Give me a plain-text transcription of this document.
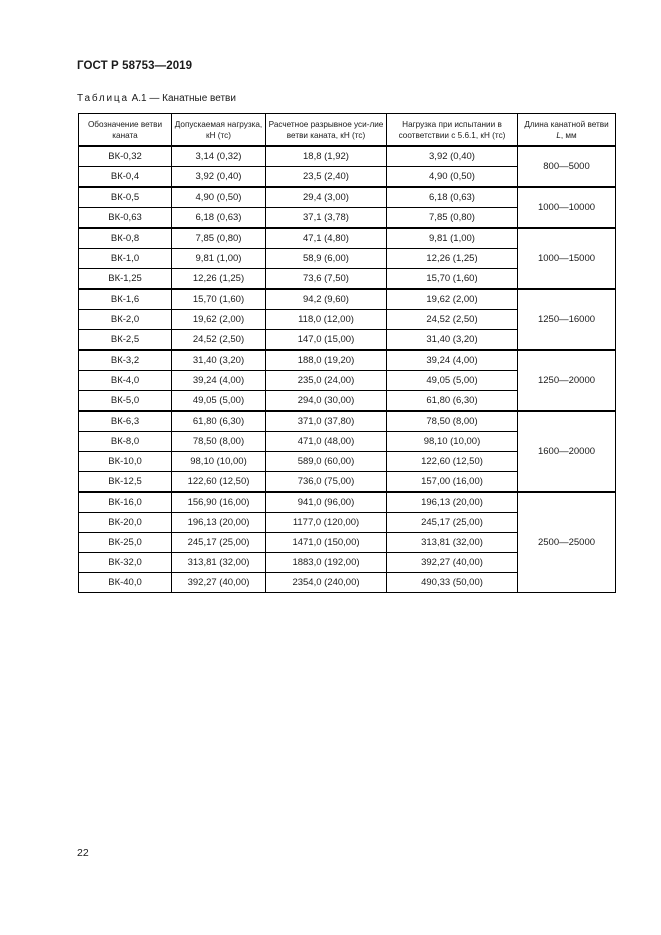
ГОСТ Р 58753—2019
Таблица А.1 — Канатные ветви
Обозначение ветви каната	Допускаемая нагрузка, кН (тс)	Расчетное разрывное уси-лие ветви каната, кН (тс)	Нагрузка при испытании в соответствии с 5.6.1, кН (тс)	Длина канатной ветви L, мм
ВК-0,32	3,14 (0,32)	18,8 (1,92)	3,92 (0,40)	800—5000
ВК-0,4	3,92 (0,40)	23,5 (2,40)	4,90 (0,50)	
ВК-0,5	4,90 (0,50)	29,4 (3,00)	6,18 (0,63)	1000—10000
ВК-0,63	6,18 (0,63)	37,1 (3,78)	7,85 (0,80)	
ВК-0,8	7,85 (0,80)	47,1 (4,80)	9,81 (1,00)	1000—15000
ВК-1,0	9,81 (1,00)	58,9 (6,00)	12,26 (1,25)	
ВК-1,25	12,26 (1,25)	73,6 (7,50)	15,70 (1,60)	
ВК-1,6	15,70 (1,60)	94,2 (9,60)	19,62 (2,00)	1250—16000
ВК-2,0	19,62 (2,00)	118,0 (12,00)	24,52 (2,50)	
ВК-2,5	24,52 (2,50)	147,0 (15,00)	31,40 (3,20)	
ВК-3,2	31,40 (3,20)	188,0 (19,20)	39,24 (4,00)	1250—20000
ВК-4,0	39,24 (4,00)	235,0 (24,00)	49,05 (5,00)	
ВК-5,0	49,05 (5,00)	294,0 (30,00)	61,80 (6,30)	
ВК-6,3	61,80 (6,30)	371,0 (37,80)	78,50 (8,00)	1600—20000
ВК-8,0	78,50 (8,00)	471,0 (48,00)	98,10 (10,00)	
ВК-10,0	98,10 (10,00)	589,0 (60,00)	122,60 (12,50)	
ВК-12,5	122,60 (12,50)	736,0 (75,00)	157,00 (16,00)	
ВК-16,0	156,90 (16,00)	941,0 (96,00)	196,13 (20,00)	2500—25000
ВК-20,0	196,13 (20,00)	1177,0 (120,00)	245,17 (25,00)	
ВК-25,0	245,17 (25,00)	1471,0 (150,00)	313,81 (32,00)	
ВК-32,0	313,81 (32,00)	1883,0 (192,00)	392,27 (40,00)	
ВК-40,0	392,27 (40,00)	2354,0 (240,00)	490,33 (50,00)	
22
